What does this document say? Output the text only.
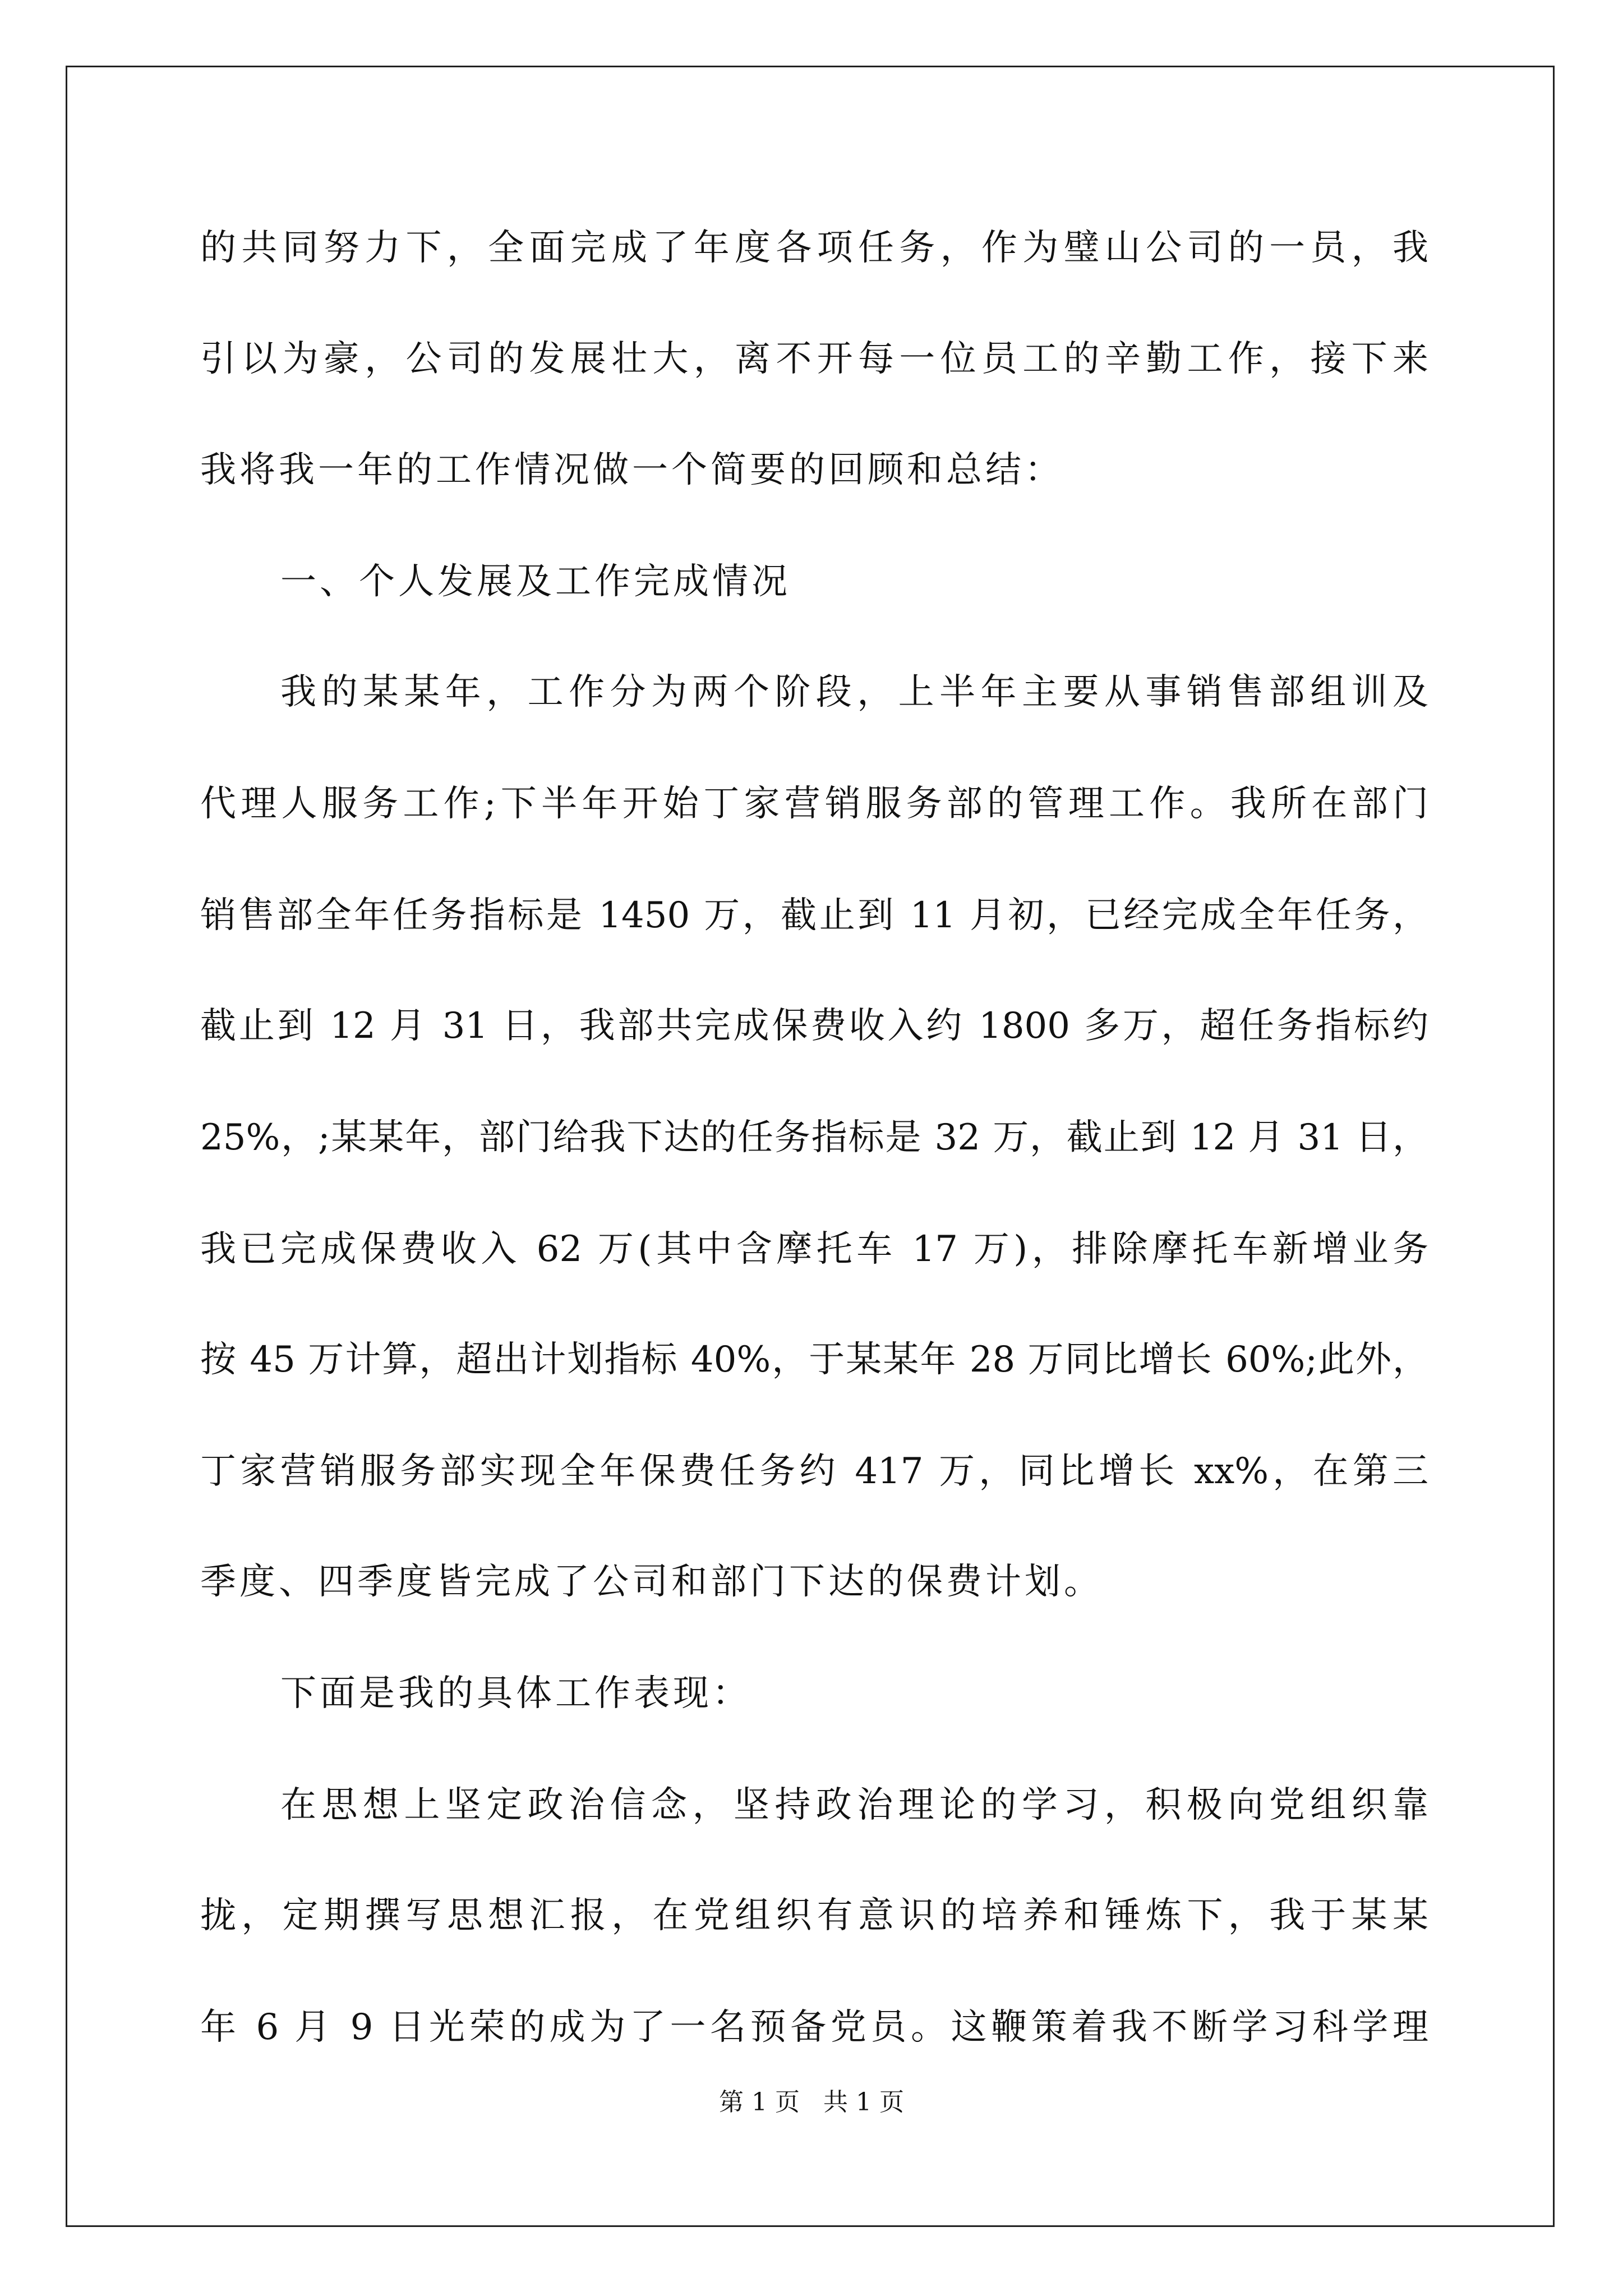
的共同努力下，全面完成了年度各项任务，作为璧山公司的一员，我
引以为豪，公司的发展壮大，离不开每一位员工的辛勤工作，接下来
我将我一年的工作情况做一个简要的回顾和总结：
一、个人发展及工作完成情况
我的某某年，工作分为两个阶段，上半年主要从事销售部组训及
代理人服务工作;下半年开始丁家营销服务部的管理工作。我所在部门
销售部全年任务指标是 1450 万，截止到 11 月初，已经完成全年任务，
截止到 12 月 31 日，我部共完成保费收入约 1800 多万，超任务指标约
25%，;某某年，部门给我下达的任务指标是 32 万，截止到 12 月 31 日，
我已完成保费收入 62 万(其中含摩托车 17 万)，排除摩托车新增业务
按 45 万计算，超出计划指标 40%，于某某年 28 万同比增长 60%;此外，
丁家营销服务部实现全年保费任务约 417 万，同比增长 xx%，在第三
季度、四季度皆完成了公司和部门下达的保费计划。
下面是我的具体工作表现：
在思想上坚定政治信念，坚持政治理论的学习，积极向党组织靠
拢，定期撰写思想汇报，在党组织有意识的培养和锤炼下，我于某某
年 6 月 9 日光荣的成为了一名预备党员。这鞭策着我不断学习科学理
第 1 页   共 1 页
